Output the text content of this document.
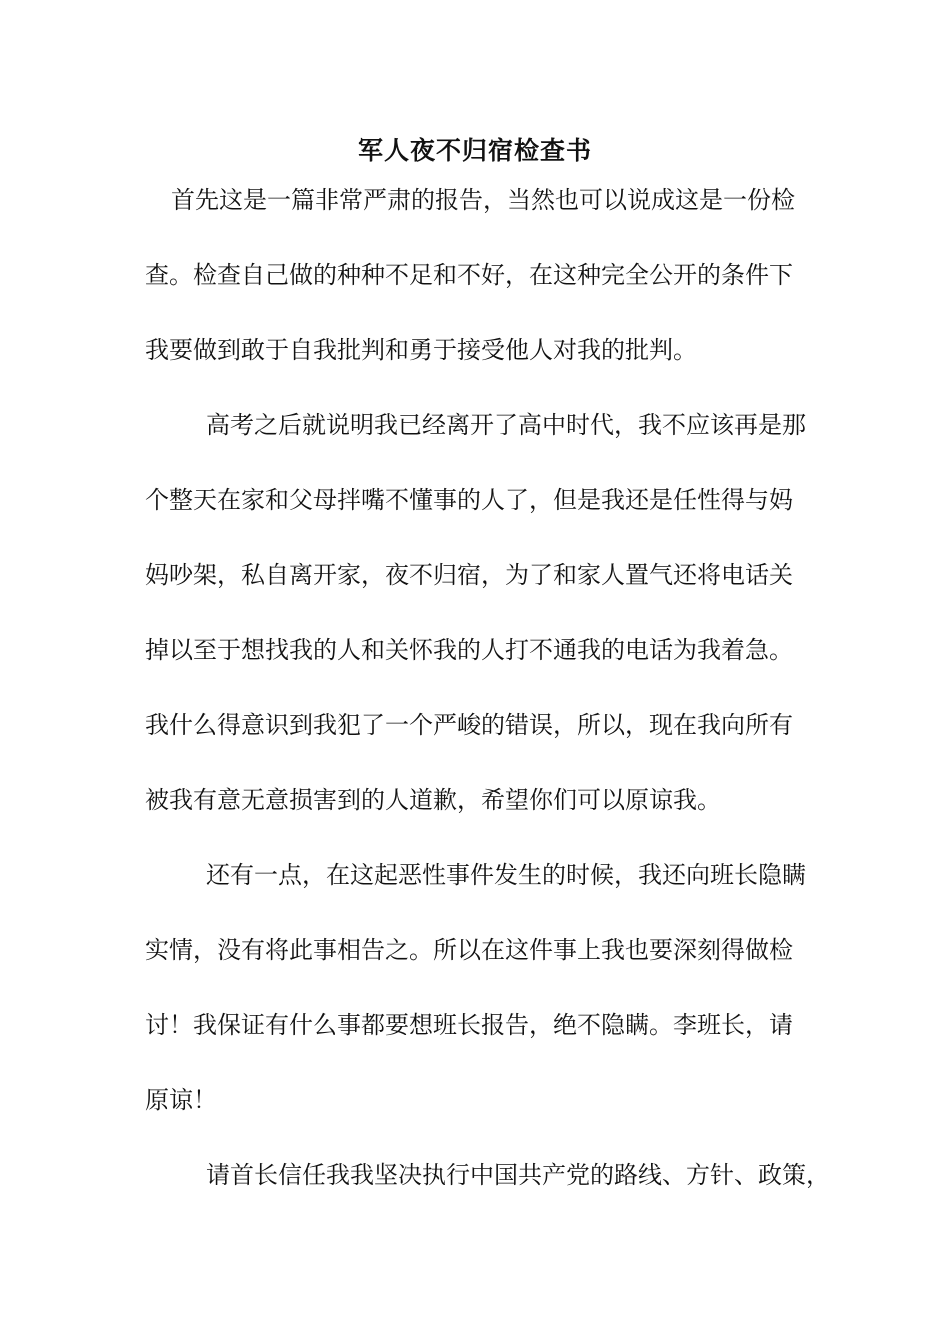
军人夜不归宿检查书
首先这是一篇非常严肃的报告，当然也可以说成这是一份检
查。检查自己做的种种不足和不好，在这种完全公开的条件下
我要做到敢于自我批判和勇于接受他人对我的批判。
高考之后就说明我已经离开了高中时代，我不应该再是那
个整天在家和父母拌嘴不懂事的人了，但是我还是任性得与妈
妈吵架，私自离开家，夜不归宿，为了和家人置气还将电话关
掉以至于想找我的人和关怀我的人打不通我的电话为我着急。
我什么得意识到我犯了一个严峻的错误，所以，现在我向所有
被我有意无意损害到的人道歉，希望你们可以原谅我。
还有一点，在这起恶性事件发生的时候，我还向班长隐瞒
实情，没有将此事相告之。所以在这件事上我也要深刻得做检
讨！我保证有什么事都要想班长报告，绝不隐瞒。李班长，请
原谅！
请首长信任我我坚决执行中国共产党的路线、方针、政策，
